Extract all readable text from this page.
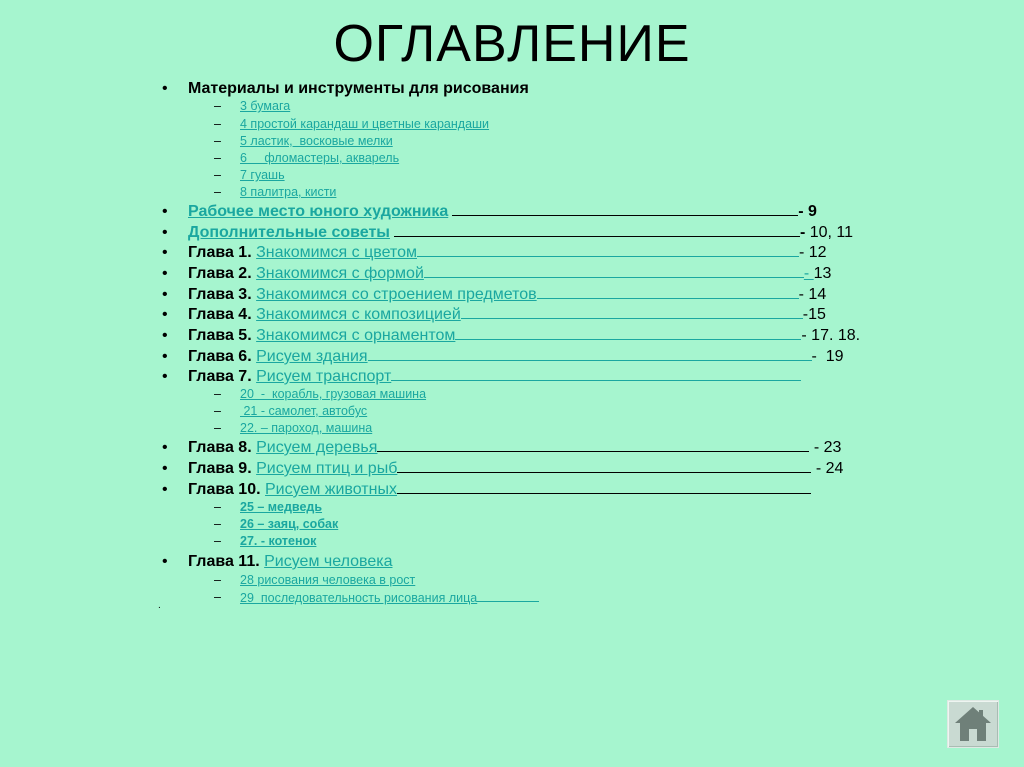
ОГЛАВЛЕНИЕ
• Материалы и инструменты для рисования
– 3 бумага
– 4 простой карандаш и цветные карандаши
– 5 ластик,  восковые мелки
– 6     фломастеры, акварель
– 7 гуашь
– 8 палитра, кисти
• Рабочее место юного художника	- 9
• Дополнительные советы	- 10, 11
• Глава 1. Знакомимся с цветом	- 12
• Глава 2. Знакомимся с формой	- 13
• Глава 3. Знакомимся со строением предметов	- 14
• Глава 4. Знакомимся с композицией	-15
• Глава 5. Знакомимся с орнаментом	- 17. 18.
• Глава 6. Рисуем здания	-  19
• Глава 7. Рисуем транспорт
– 20  -  корабль, грузовая машина
– 21 - самолет, автобус
– 22. – пароход, машина
• Глава 8. Рисуем деревья	- 23
• Глава 9. Рисуем птиц и рыб	- 24
• Глава 10. Рисуем животных
– 25 – медведь
– 26 – заяц, собак
– 27. - котенок
• Глава 11. Рисуем человека
– 28 рисования человека в рост
– 29  последовательность рисования лица
.
